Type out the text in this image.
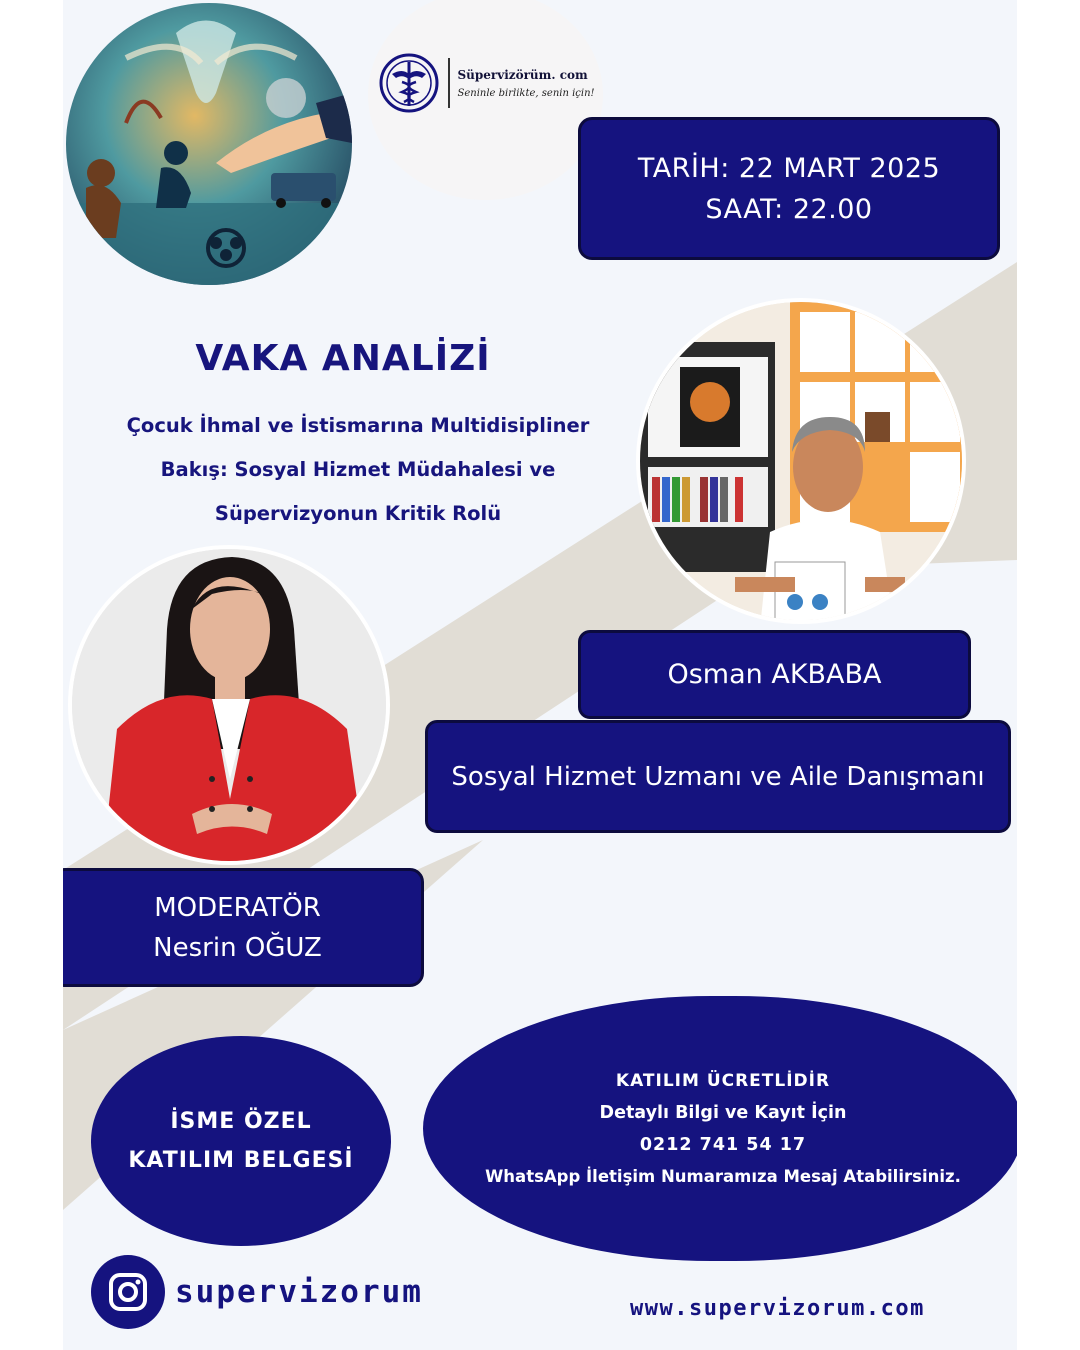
Süpervizörüm. com
Seninle birlikte, senin için!
TARİH: 22 MART 2025
SAAT: 22.00
VAKA ANALİZİ
Çocuk İhmal ve İstismarına Multidisipliner
Bakış: Sosyal Hizmet Müdahalesi ve
Süpervizyonun Kritik Rolü
Osman AKBABA
Sosyal Hizmet Uzmanı ve Aile Danışmanı
MODERATÖR
Nesrin OĞUZ
İSME ÖZEL
KATILIM BELGESİ
KATILIM ÜCRETLİDİR
Detaylı Bilgi ve Kayıt İçin
0212 741 54 17
WhatsApp İletişim Numaramıza Mesaj Atabilirsiniz.
supervizorum	www.supervizorum.com
